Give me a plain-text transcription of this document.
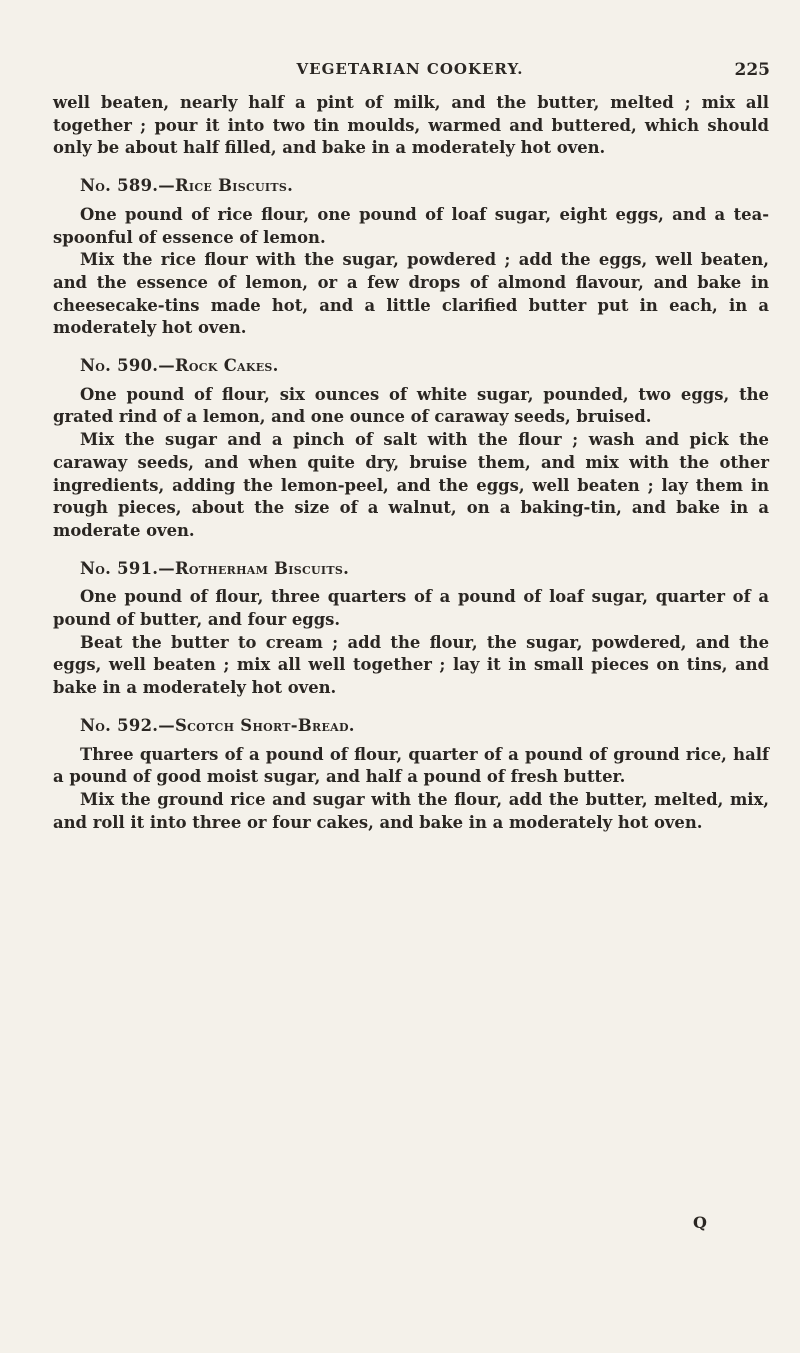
VEGETARIAN COOKERY.	225

well beaten, nearly half a pint of milk, and the butter, melted ; mix all together ; pour it into two tin moulds, warmed and buttered, which should only be about half filled, and bake in a moderately hot oven.

No. 589.—Rice Biscuits.

One pound of rice flour, one pound of loaf sugar, eight eggs, and a tea-spoonful of essence of lemon.

Mix the rice flour with the sugar, powdered ; add the eggs, well beaten, and the essence of lemon, or a few drops of almond flavour, and bake in cheesecake-tins made hot, and a little clarified butter put in each, in a moderately hot oven.

No. 590.—Rock Cakes.

One pound of flour, six ounces of white sugar, pounded, two eggs, the grated rind of a lemon, and one ounce of caraway seeds, bruised.

Mix the sugar and a pinch of salt with the flour ; wash and pick the caraway seeds, and when quite dry, bruise them, and mix with the other ingredients, adding the lemon-peel, and the eggs, well beaten ; lay them in rough pieces, about the size of a walnut, on a baking-tin, and bake in a moderate oven.

No. 591.—Rotherham Biscuits.

One pound of flour, three quarters of a pound of loaf sugar, quarter of a pound of butter, and four eggs.

Beat the butter to cream ; add the flour, the sugar, powdered, and the eggs, well beaten ; mix all well together ; lay it in small pieces on tins, and bake in a moderately hot oven.

No. 592.—Scotch Short-Bread.

Three quarters of a pound of flour, quarter of a pound of ground rice, half a pound of good moist sugar, and half a pound of fresh butter.

Mix the ground rice and sugar with the flour, add the butter, melted, mix, and roll it into three or four cakes, and bake in a moderately hot oven.

Q
